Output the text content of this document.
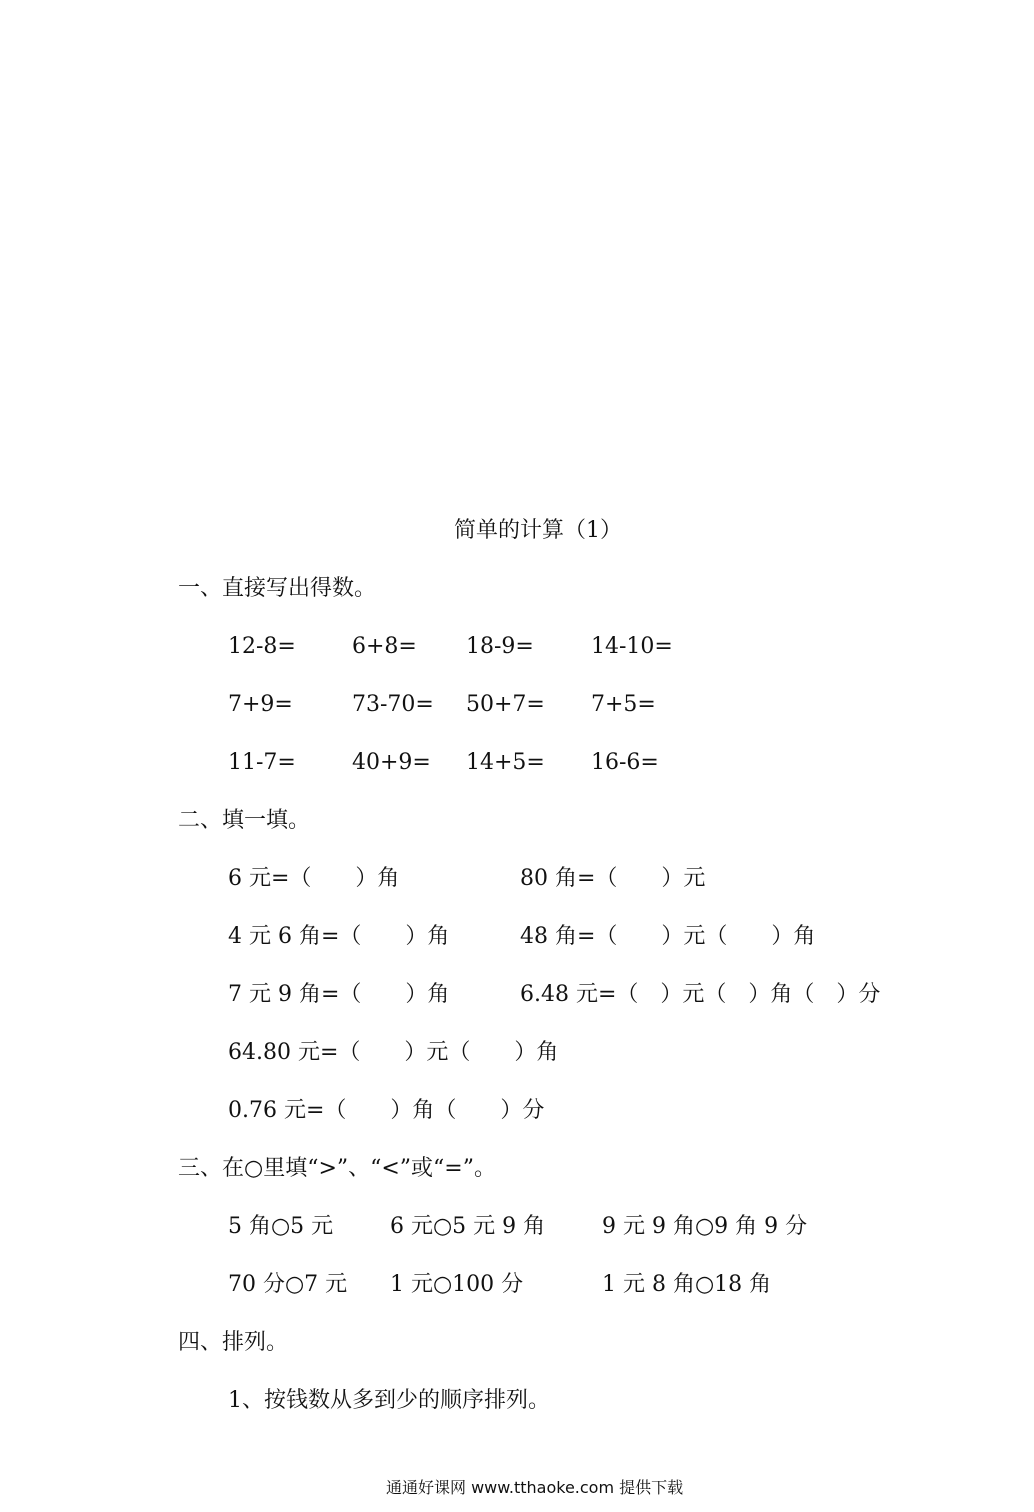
简单的计算（1）
一、直接写出得数。
12-8=	6+8= 18-9=	14-10=
7+9=	73-70= 50+7= 7+5=
11-7=	40+9= 14+5= 16-6=
二、填一填。
6 元=（　　）角	80 角=（　　）元
4 元 6 角=（　　）角	48 角=（　　）元（　　）角
7 元 9 角=（　　）角	6.48 元=（　）元（　）角（　）分
64.80 元=（　　）元（　　）角
0.76 元=（　　）角（　　）分
三、在○里填“>”、“<”或“=”。
5 角○5 元	6 元○5 元 9 角	9 元 9 角○9 角 9 分
70 分○7 元 1 元○100 分	1 元 8 角○18 角
四、排列。
1、按钱数从多到少的顺序排列。
通通好课网 www.tthaoke.com 提供下载
